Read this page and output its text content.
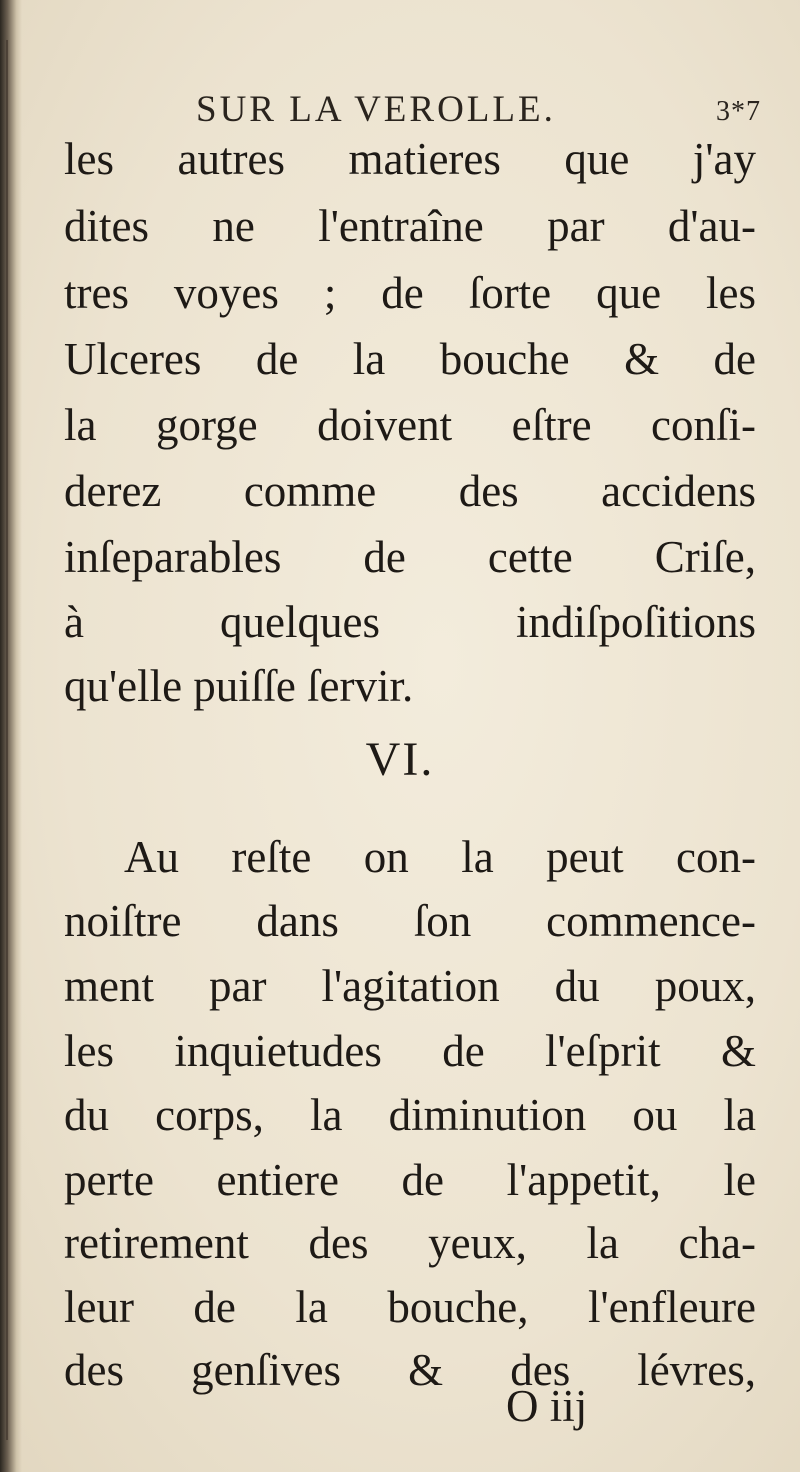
SUR LA VEROLLE.	3*7
les autres matieres que j'ay
dites ne l'entraîne par d'au-
tres voyes ; de ſorte que les
Ulceres de la bouche & de
la gorge doivent eſtre conſi-
derez comme des accidens
inſeparables de cette Criſe,
à quelques indiſpoſitions
qu'elle puiſſe ſervir.
VI.
Au reſte on la peut con-
noiſtre dans ſon commence-
ment par l'agitation du poux,
les inquietudes de l'eſprit &
du corps, la diminution ou la
perte entiere de l'appetit, le
retirement des yeux, la cha-
leur de la bouche, l'enfleure
des genſives & des lévres,
O iij
